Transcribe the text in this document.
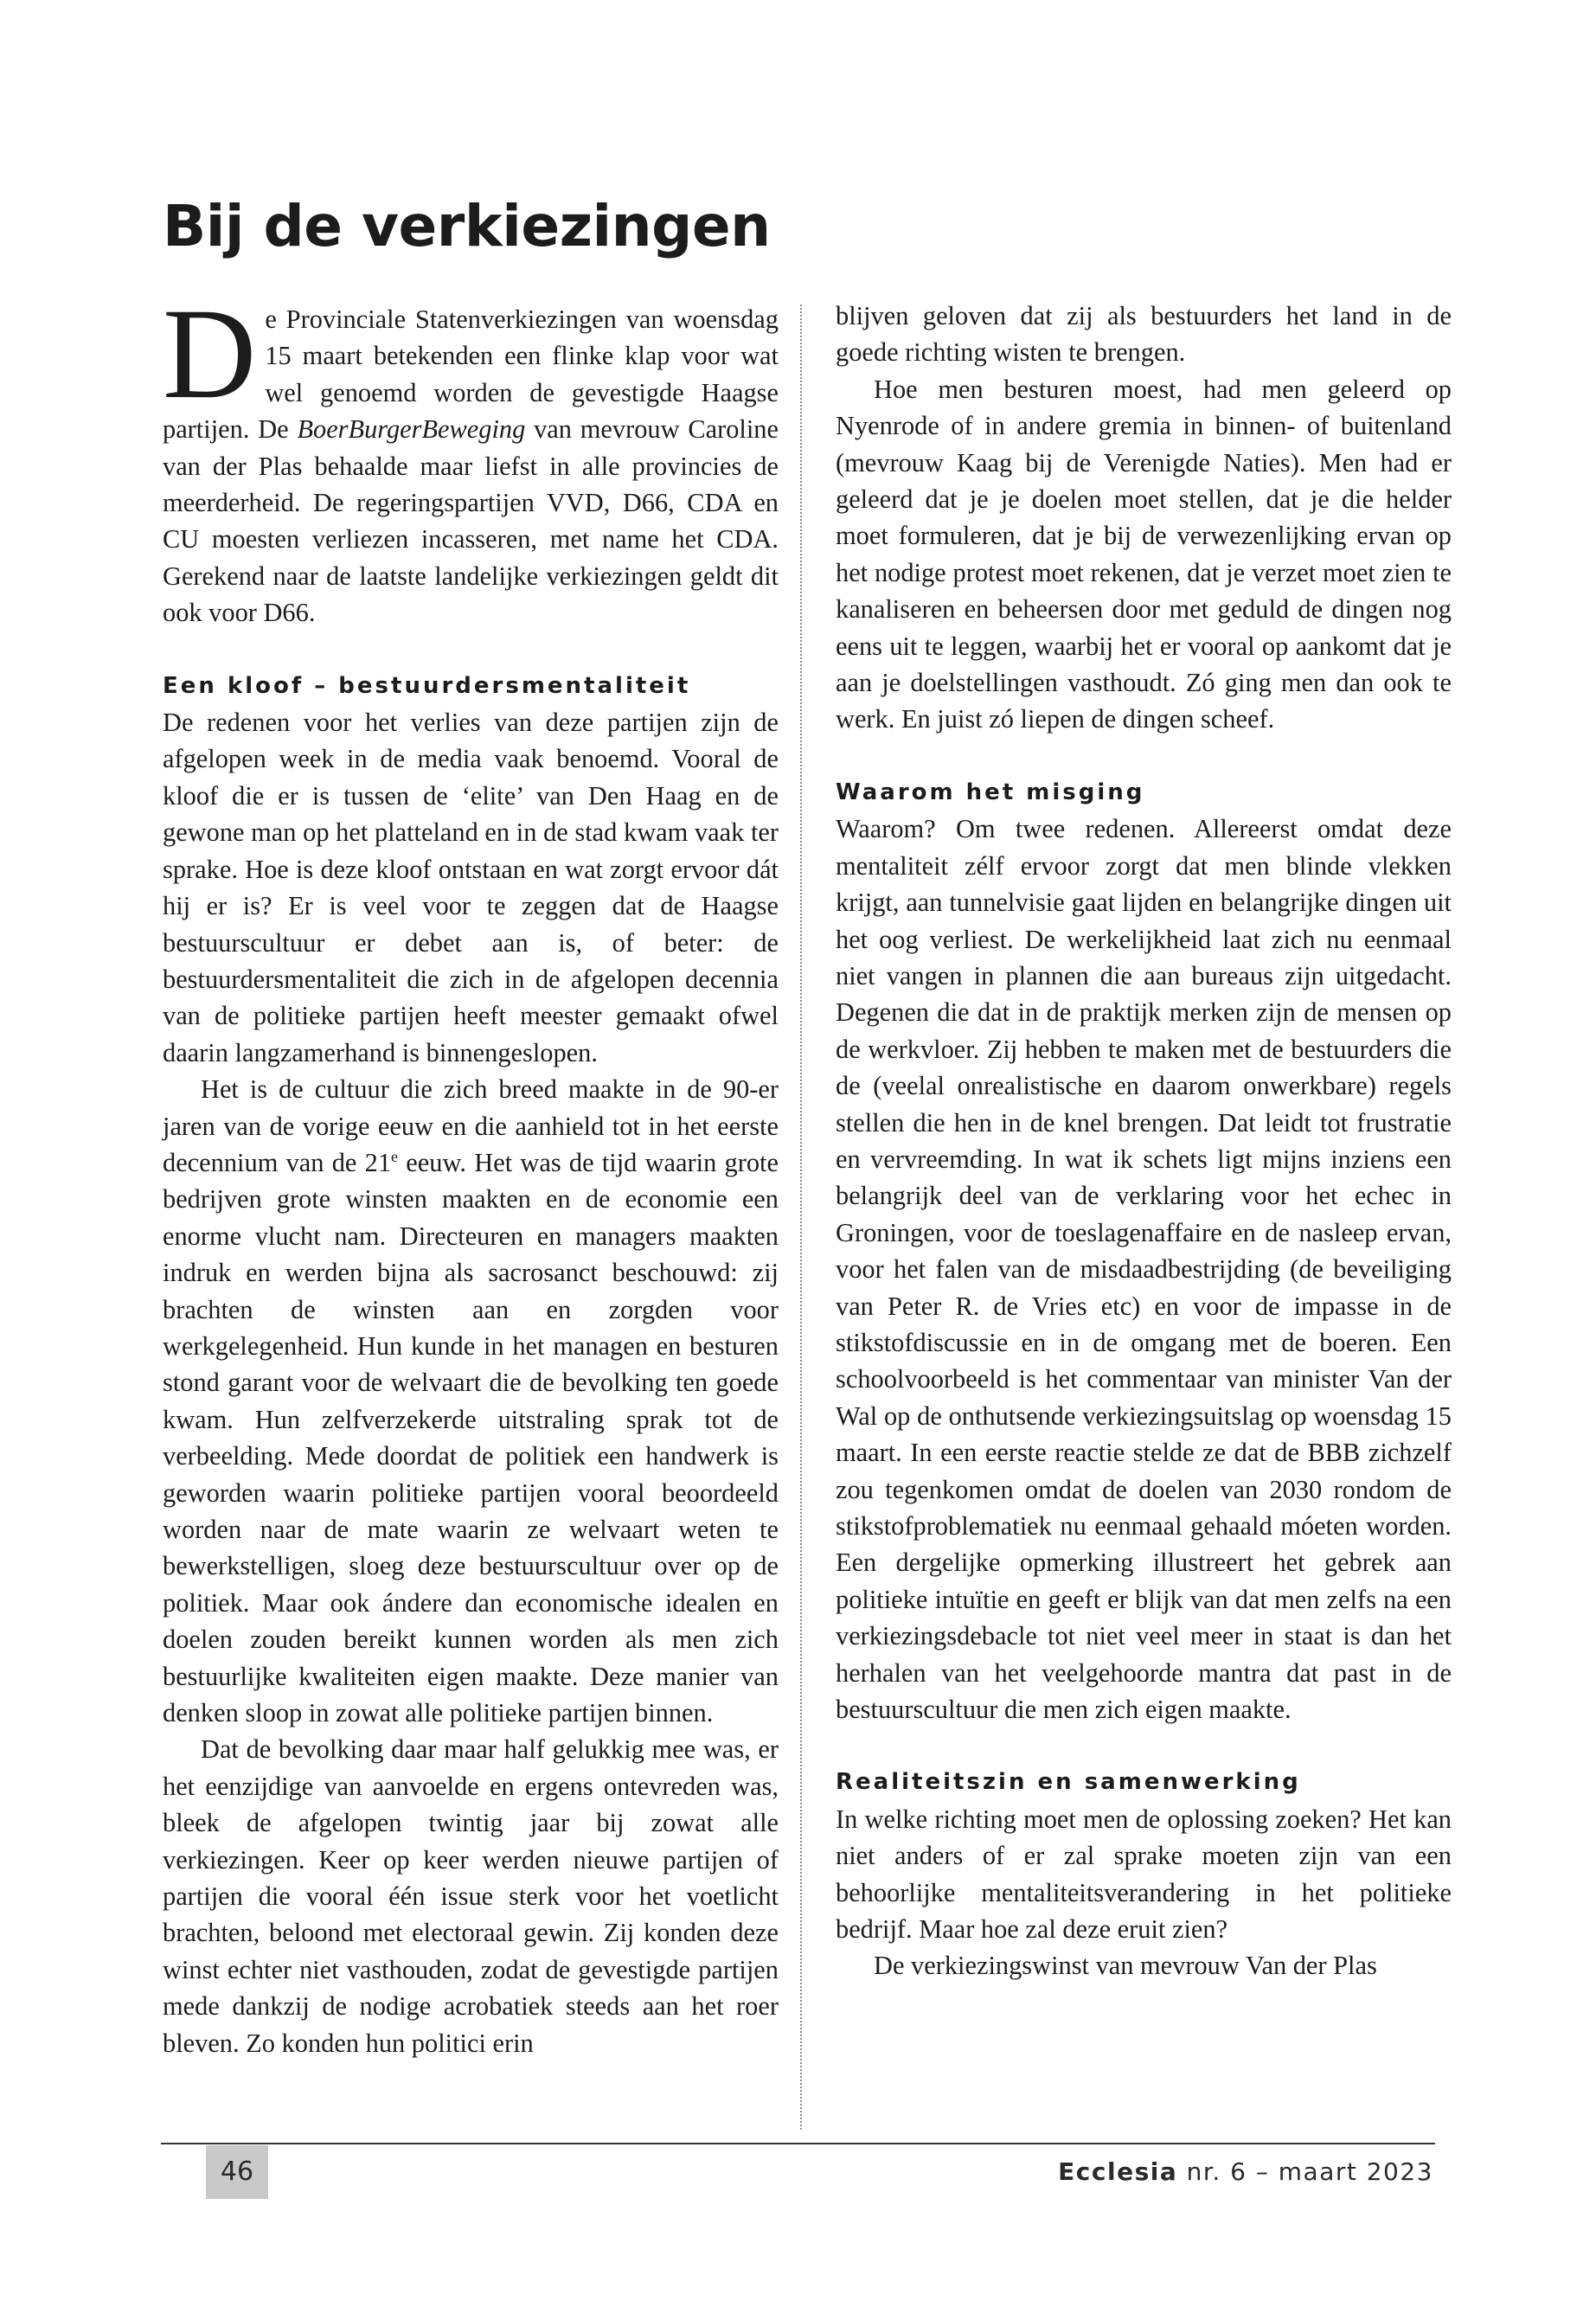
Bij de verkiezingen

De Provinciale Statenverkiezingen van woensdag 15 maart betekenden een flinke klap voor wat wel genoemd worden de gevestigde Haagse partijen. De BoerBurgerBeweging van mevrouw Caroline van der Plas behaalde maar liefst in alle provincies de meerderheid. De regeringspartijen VVD, D66, CDA en CU moesten verliezen incasseren, met name het CDA. Gerekend naar de laatste landelijke verkiezingen geldt dit ook voor D66.

Een kloof – bestuurdersmentaliteit

De redenen voor het verlies van deze partijen zijn de afgelopen week in de media vaak benoemd. Vooral de kloof die er is tussen de ‘elite’ van Den Haag en de gewone man op het platteland en in de stad kwam vaak ter sprake. Hoe is deze kloof ontstaan en wat zorgt ervoor dát hij er is? Er is veel voor te zeggen dat de Haagse bestuurscultuur er debet aan is, of beter: de bestuurdersmentaliteit die zich in de afgelopen decennia van de politieke partijen heeft meester gemaakt ofwel daarin langzamerhand is binnengeslopen.

Het is de cultuur die zich breed maakte in de 90-er jaren van de vorige eeuw en die aanhield tot in het eerste decennium van de 21e eeuw. Het was de tijd waarin grote bedrijven grote winsten maakten en de economie een enorme vlucht nam. Directeuren en managers maakten indruk en werden bijna als sacrosanct beschouwd: zij brachten de winsten aan en zorgden voor werkgelegenheid. Hun kunde in het managen en besturen stond garant voor de welvaart die de bevolking ten goede kwam. Hun zelfverzekerde uitstraling sprak tot de verbeelding. Mede doordat de politiek een handwerk is geworden waarin politieke partijen vooral beoordeeld worden naar de mate waarin ze welvaart weten te bewerkstelligen, sloeg deze bestuurscultuur over op de politiek. Maar ook ándere dan economische idealen en doelen zouden bereikt kunnen worden als men zich bestuurlijke kwaliteiten eigen maakte. Deze manier van denken sloop in zowat alle politieke partijen binnen.

Dat de bevolking daar maar half gelukkig mee was, er het eenzijdige van aanvoelde en ergens ontevreden was, bleek de afgelopen twintig jaar bij zowat alle verkiezingen. Keer op keer werden nieuwe partijen of partijen die vooral één issue sterk voor het voetlicht brachten, beloond met electoraal gewin. Zij konden deze winst echter niet vasthouden, zodat de gevestigde partijen mede dankzij de nodige acrobatiek steeds aan het roer bleven. Zo konden hun politici erin

blijven geloven dat zij als bestuurders het land in de goede richting wisten te brengen.

Hoe men besturen moest, had men geleerd op Nyenrode of in andere gremia in binnen- of buitenland (mevrouw Kaag bij de Verenigde Naties). Men had er geleerd dat je je doelen moet stellen, dat je die helder moet formuleren, dat je bij de verwezenlijking ervan op het nodige protest moet rekenen, dat je verzet moet zien te kanaliseren en beheersen door met geduld de dingen nog eens uit te leggen, waarbij het er vooral op aankomt dat je aan je doelstellingen vasthoudt. Zó ging men dan ook te werk. En juist zó liepen de dingen scheef.

Waarom het misging

Waarom? Om twee redenen. Allereerst omdat deze mentaliteit zélf ervoor zorgt dat men blinde vlekken krijgt, aan tunnelvisie gaat lijden en belangrijke dingen uit het oog verliest. De werkelijkheid laat zich nu eenmaal niet vangen in plannen die aan bureaus zijn uitgedacht. Degenen die dat in de praktijk merken zijn de mensen op de werkvloer. Zij hebben te maken met de bestuurders die de (veelal onrealistische en daarom onwerkbare) regels stellen die hen in de knel brengen. Dat leidt tot frustratie en vervreemding. In wat ik schets ligt mijns inziens een belangrijk deel van de verklaring voor het echec in Groningen, voor de toeslagenaffaire en de nasleep ervan, voor het falen van de misdaadbestrijding (de beveiliging van Peter R. de Vries etc) en voor de impasse in de stikstofdiscussie en in de omgang met de boeren. Een schoolvoorbeeld is het commentaar van minister Van der Wal op de onthutsende verkiezingsuitslag op woensdag 15 maart. In een eerste reactie stelde ze dat de BBB zichzelf zou tegenkomen omdat de doelen van 2030 rondom de stikstofproblematiek nu eenmaal gehaald móeten worden. Een dergelijke opmerking illustreert het gebrek aan politieke intuïtie en geeft er blijk van dat men zelfs na een verkiezingsdebacle tot niet veel meer in staat is dan het herhalen van het veelgehoorde mantra dat past in de bestuurscultuur die men zich eigen maakte.

Realiteitszin en samenwerking

In welke richting moet men de oplossing zoeken? Het kan niet anders of er zal sprake moeten zijn van een behoorlijke mentaliteitsverandering in het politieke bedrijf. Maar hoe zal deze eruit zien?

De verkiezingswinst van mevrouw Van der Plas

46	Ecclesia nr. 6 – maart 2023
